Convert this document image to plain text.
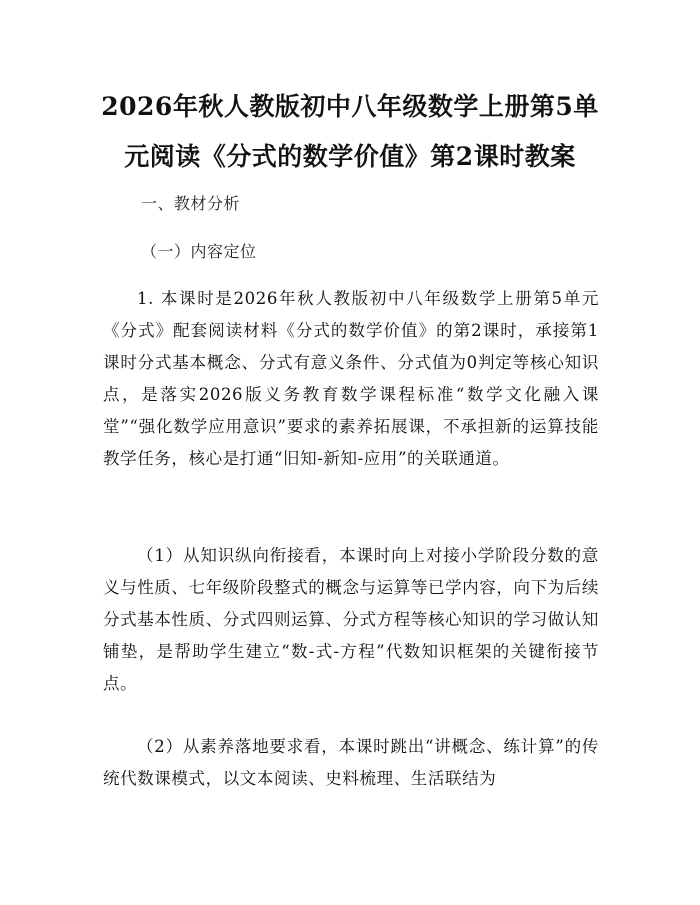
2026年秋人教版初中八年级数学上册第5单元阅读《分式的数学价值》第2课时教案

一、教材分析

（一）内容定位

1. 本课时是2026年秋人教版初中八年级数学上册第5单元《分式》配套阅读材料《分式的数学价值》的第2课时，承接第1课时分式基本概念、分式有意义条件、分式值为0判定等核心知识点，是落实2026版义务教育数学课程标准“数学文化融入课堂”“强化数学应用意识”要求的素养拓展课，不承担新的运算技能教学任务，核心是打通“旧知-新知-应用”的关联通道。

（1）从知识纵向衔接看，本课时向上对接小学阶段分数的意义与性质、七年级阶段整式的概念与运算等已学内容，向下为后续分式基本性质、分式四则运算、分式方程等核心知识的学习做认知铺垫，是帮助学生建立“数-式-方程”代数知识框架的关键衔接节点。

（2）从素养落地要求看，本课时跳出“讲概念、练计算”的传统代数课模式，以文本阅读、史料梳理、生活联结为
